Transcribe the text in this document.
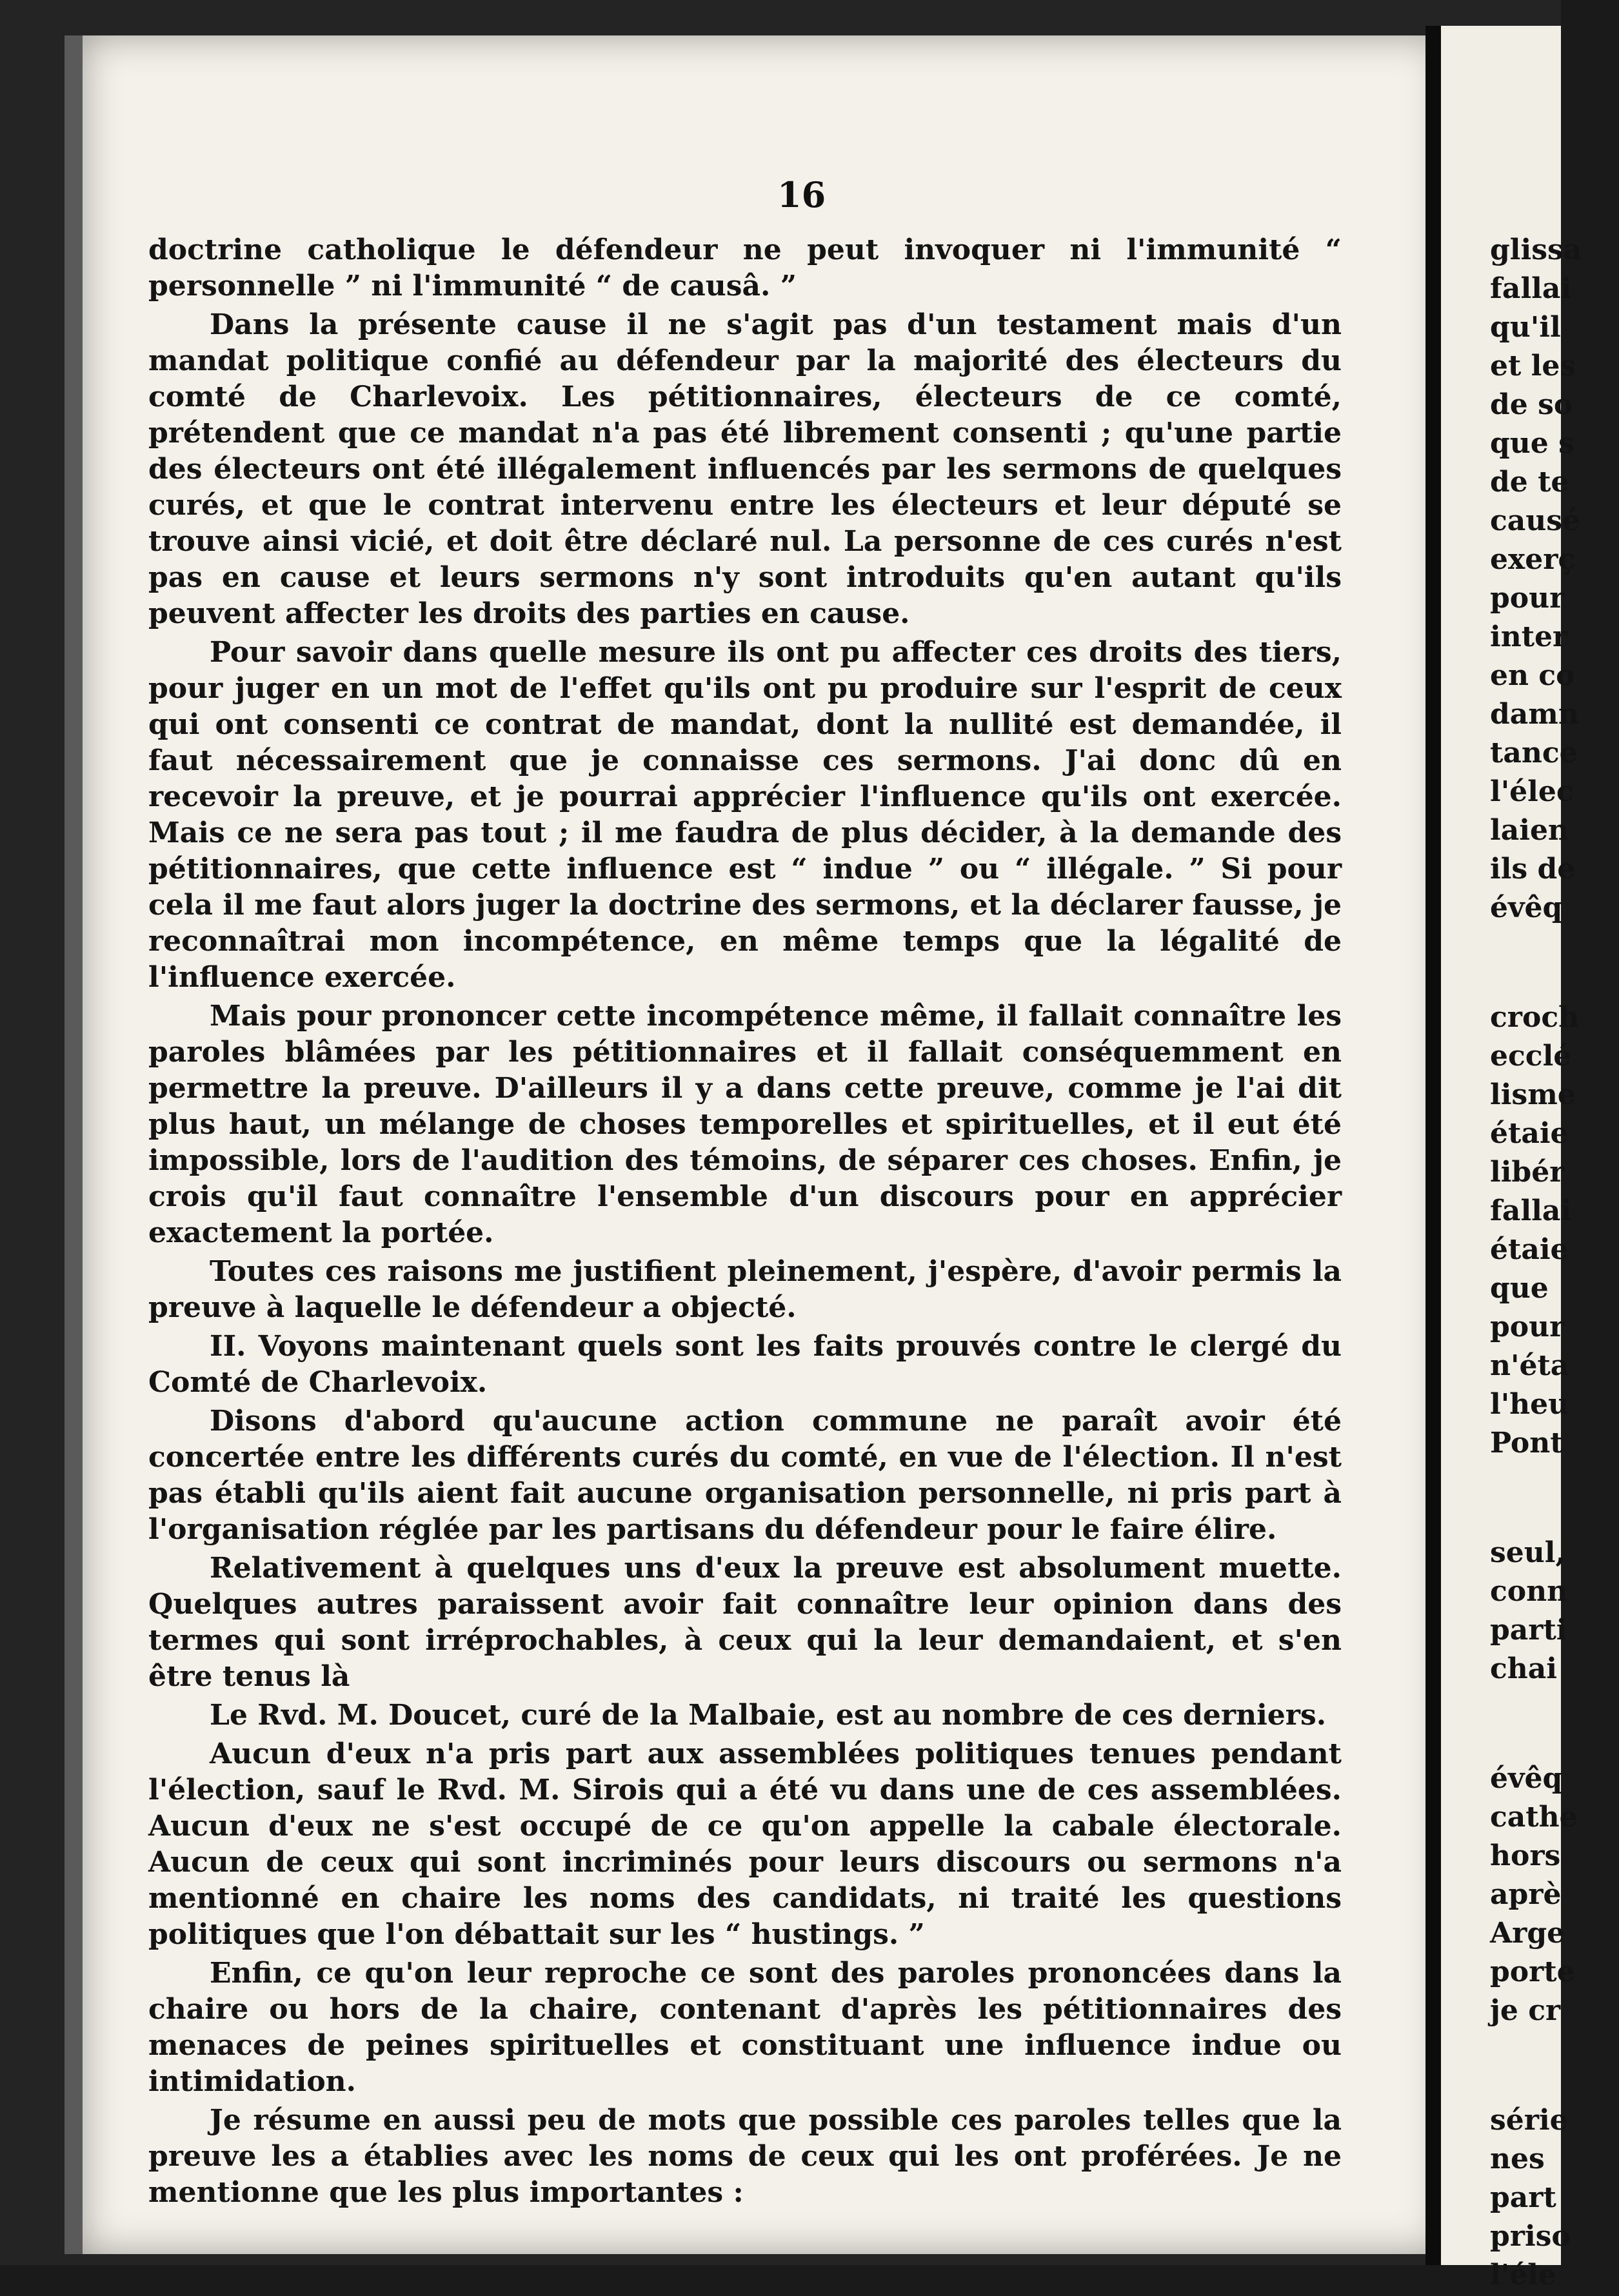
16

doctrine catholique le défendeur ne peut invoquer ni l'immunité “ personnelle ” ni l'immunité “ de causâ. ”

Dans la présente cause il ne s'agit pas d'un testament mais d'un mandat politique confié au défendeur par la majorité des électeurs du comté de Charlevoix. Les pétitionnaires, électeurs de ce comté, prétendent que ce mandat n'a pas été librement consenti ; qu'une partie des électeurs ont été illégalement influencés par les sermons de quelques curés, et que le contrat intervenu entre les électeurs et leur député se trouve ainsi vicié, et doit être déclaré nul. La personne de ces curés n'est pas en cause et leurs sermons n'y sont introduits qu'en autant qu'ils peuvent affecter les droits des parties en cause.

Pour savoir dans quelle mesure ils ont pu affecter ces droits des tiers, pour juger en un mot de l'effet qu'ils ont pu produire sur l'esprit de ceux qui ont consenti ce contrat de mandat, dont la nullité est demandée, il faut nécessairement que je connaisse ces sermons. J'ai donc dû en recevoir la preuve, et je pourrai apprécier l'influence qu'ils ont exercée. Mais ce ne sera pas tout ; il me faudra de plus décider, à la demande des pétitionnaires, que cette influence est “ indue ” ou “ illégale. ” Si pour cela il me faut alors juger la doctrine des sermons, et la déclarer fausse, je reconnaîtrai mon incompétence, en même temps que la légalité de l'influence exercée.

Mais pour prononcer cette incompétence même, il fallait connaître les paroles blâmées par les pétitionnaires et il fallait conséquemment en permettre la preuve. D'ailleurs il y a dans cette preuve, comme je l'ai dit plus haut, un mélange de choses temporelles et spirituelles, et il eut été impossible, lors de l'audition des témoins, de séparer ces choses. Enfin, je crois qu'il faut connaître l'ensemble d'un discours pour en apprécier exactement la portée.

Toutes ces raisons me justifient pleinement, j'espère, d'avoir permis la preuve à laquelle le défendeur a objecté.

II. Voyons maintenant quels sont les faits prouvés contre le clergé du Comté de Charlevoix.

Disons d'abord qu'aucune action commune ne paraît avoir été concertée entre les différents curés du comté, en vue de l'élection. Il n'est pas établi qu'ils aient fait aucune organisation personnelle, ni pris part à l'organisation réglée par les partisans du défendeur pour le faire élire.

Relativement à quelques uns d'eux la preuve est absolument muette. Quelques autres paraissent avoir fait connaître leur opinion dans des termes qui sont irréprochables, à ceux qui la leur demandaient, et s'en être tenus là

Le Rvd. M. Doucet, curé de la Malbaie, est au nombre de ces derniers.

Aucun d'eux n'a pris part aux assemblées politiques tenues pendant l'élection, sauf le Rvd. M. Sirois qui a été vu dans une de ces assemblées. Aucun d'eux ne s'est occupé de ce qu'on appelle la cabale électorale. Aucun de ceux qui sont incriminés pour leurs discours ou sermons n'a mentionné en chaire les noms des candidats, ni traité les questions politiques que l'on débattait sur les “ hustings. ”

Enfin, ce qu'on leur reproche ce sont des paroles prononcées dans la chaire ou hors de la chaire, contenant d'après les pétitionnaires des menaces de peines spirituelles et constituant une influence indue ou intimidation.

Je résume en aussi peu de mots que possible ces paroles telles que la preuve les a établies avec les noms de ceux qui les ont proférées. Je ne mentionne que les plus importantes :

glissa
fallai
qu'il
et les
de so
que s
de te
causé
exerç
pour
inter
en co
damn
tance
l'élec
laien
ils de
évêq
croch
ecclé
lisme
étaie
libér
fallai
étaie
que
pour
n'éta
l'heu
Pont
seul,
conn
parti
chai
évêq
cathe
hors
aprè
Arge
porte
je cr
série
nes
part
priso
l'éle
